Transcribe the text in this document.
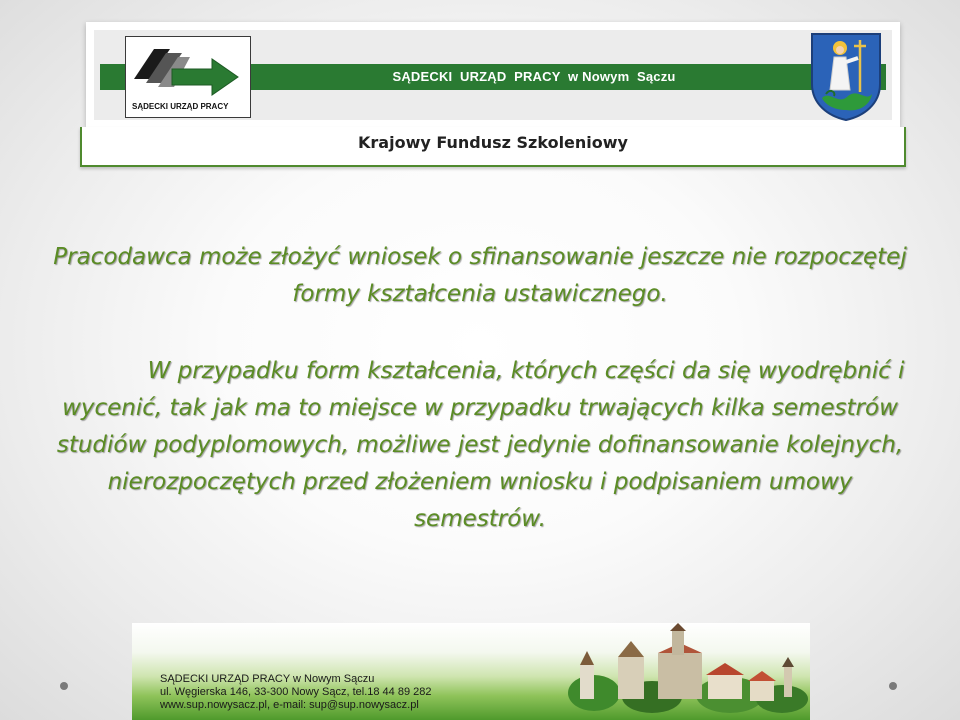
SĄDECKI  URZĄD  PRACY  w Nowym  Sączu
SĄDECKI URZĄD PRACY
Krajowy Fundusz Szkoleniowy
Pracodawca może złożyć wniosek o sfinansowanie jeszcze nie rozpoczętej formy kształcenia ustawicznego.
W przypadku form kształcenia, których części da się wyodrębnić i wycenić, tak jak ma to miejsce w przypadku trwających kilka semestrów studiów podyplomowych, możliwe jest jedynie dofinansowanie kolejnych, nierozpoczętych przed złożeniem wniosku i podpisaniem umowy semestrów.
SĄDECKI URZĄD PRACY w Nowym Sączu
ul. Węgierska 146, 33-300 Nowy Sącz, tel.18 44 89 282
www.sup.nowysacz.pl, e-mail: sup@sup.nowysacz.pl
